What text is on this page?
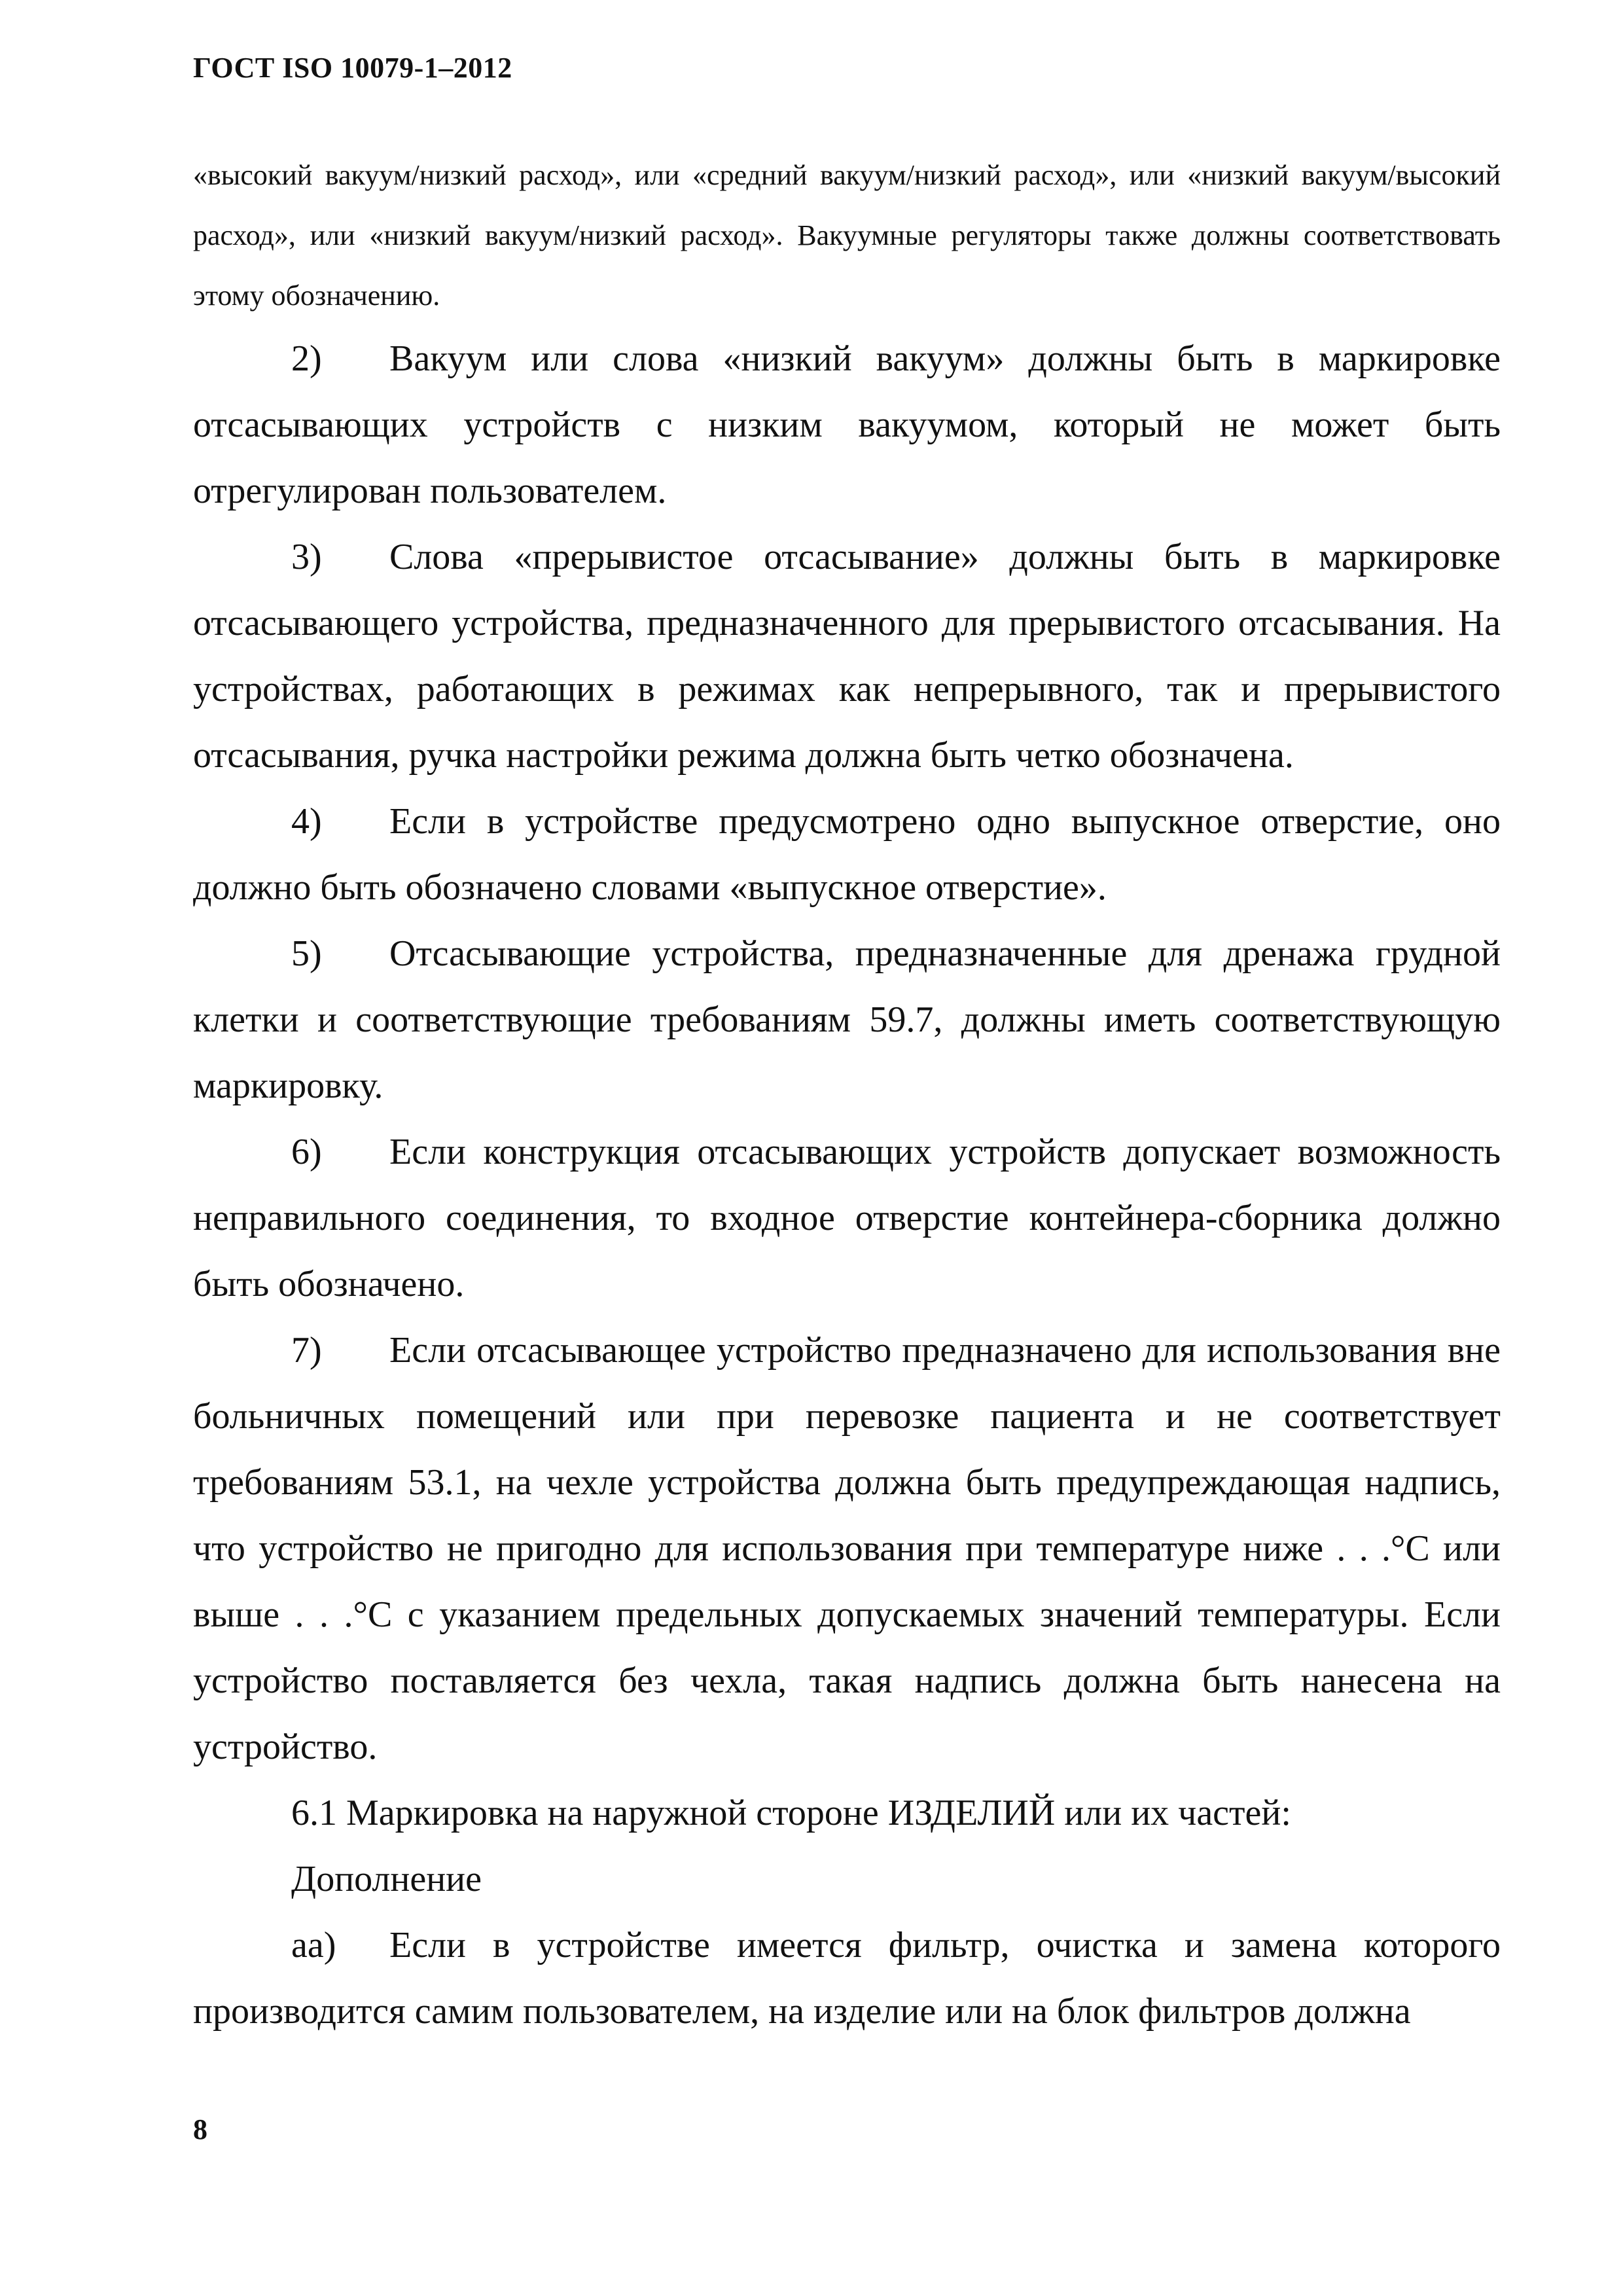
ГОСТ ISO 10079-1–2012

«высокий вакуум/низкий расход», или «средний вакуум/низкий расход», или «низкий вакуум/высокий расход», или «низкий вакуум/низкий расход». Вакуумные регуляторы также должны соответствовать этому обозначению.

2) Вакуум или слова «низкий вакуум» должны быть в маркировке отсасывающих устройств с низким вакуумом, который не может быть отрегулирован пользователем.

3) Слова «прерывистое отсасывание» должны быть в маркировке отсасывающего устройства, предназначенного для прерывистого отсасывания. На устройствах, работающих в режимах как непрерывного, так и прерывистого отсасывания, ручка настройки режима должна быть четко обозначена.

4) Если в устройстве предусмотрено одно выпускное отверстие, оно должно быть обозначено словами «выпускное отверстие».

5) Отсасывающие устройства, предназначенные для дренажа грудной клетки и соответствующие требованиям 59.7, должны иметь соответствующую маркировку.

6) Если конструкция отсасывающих устройств допускает возможность неправильного соединения, то входное отверстие контейнера-сборника должно быть обозначено.

7) Если отсасывающее устройство предназначено для использования вне больничных помещений или при перевозке пациента и не соответствует требованиям 53.1, на чехле устройства должна быть предупреждающая надпись, что устройство не пригодно для использования при температуре ниже . . .°С или выше . . .°С с указанием предельных допускаемых значений температуры. Если устройство поставляется без чехла, такая надпись должна быть нанесена на устройство.

6.1 Маркировка на наружной стороне ИЗДЕЛИЙ или их частей:

Дополнение

аа) Если в устройстве имеется фильтр, очистка и замена которого производится самим пользователем, на изделие или на блок фильтров должна

8
